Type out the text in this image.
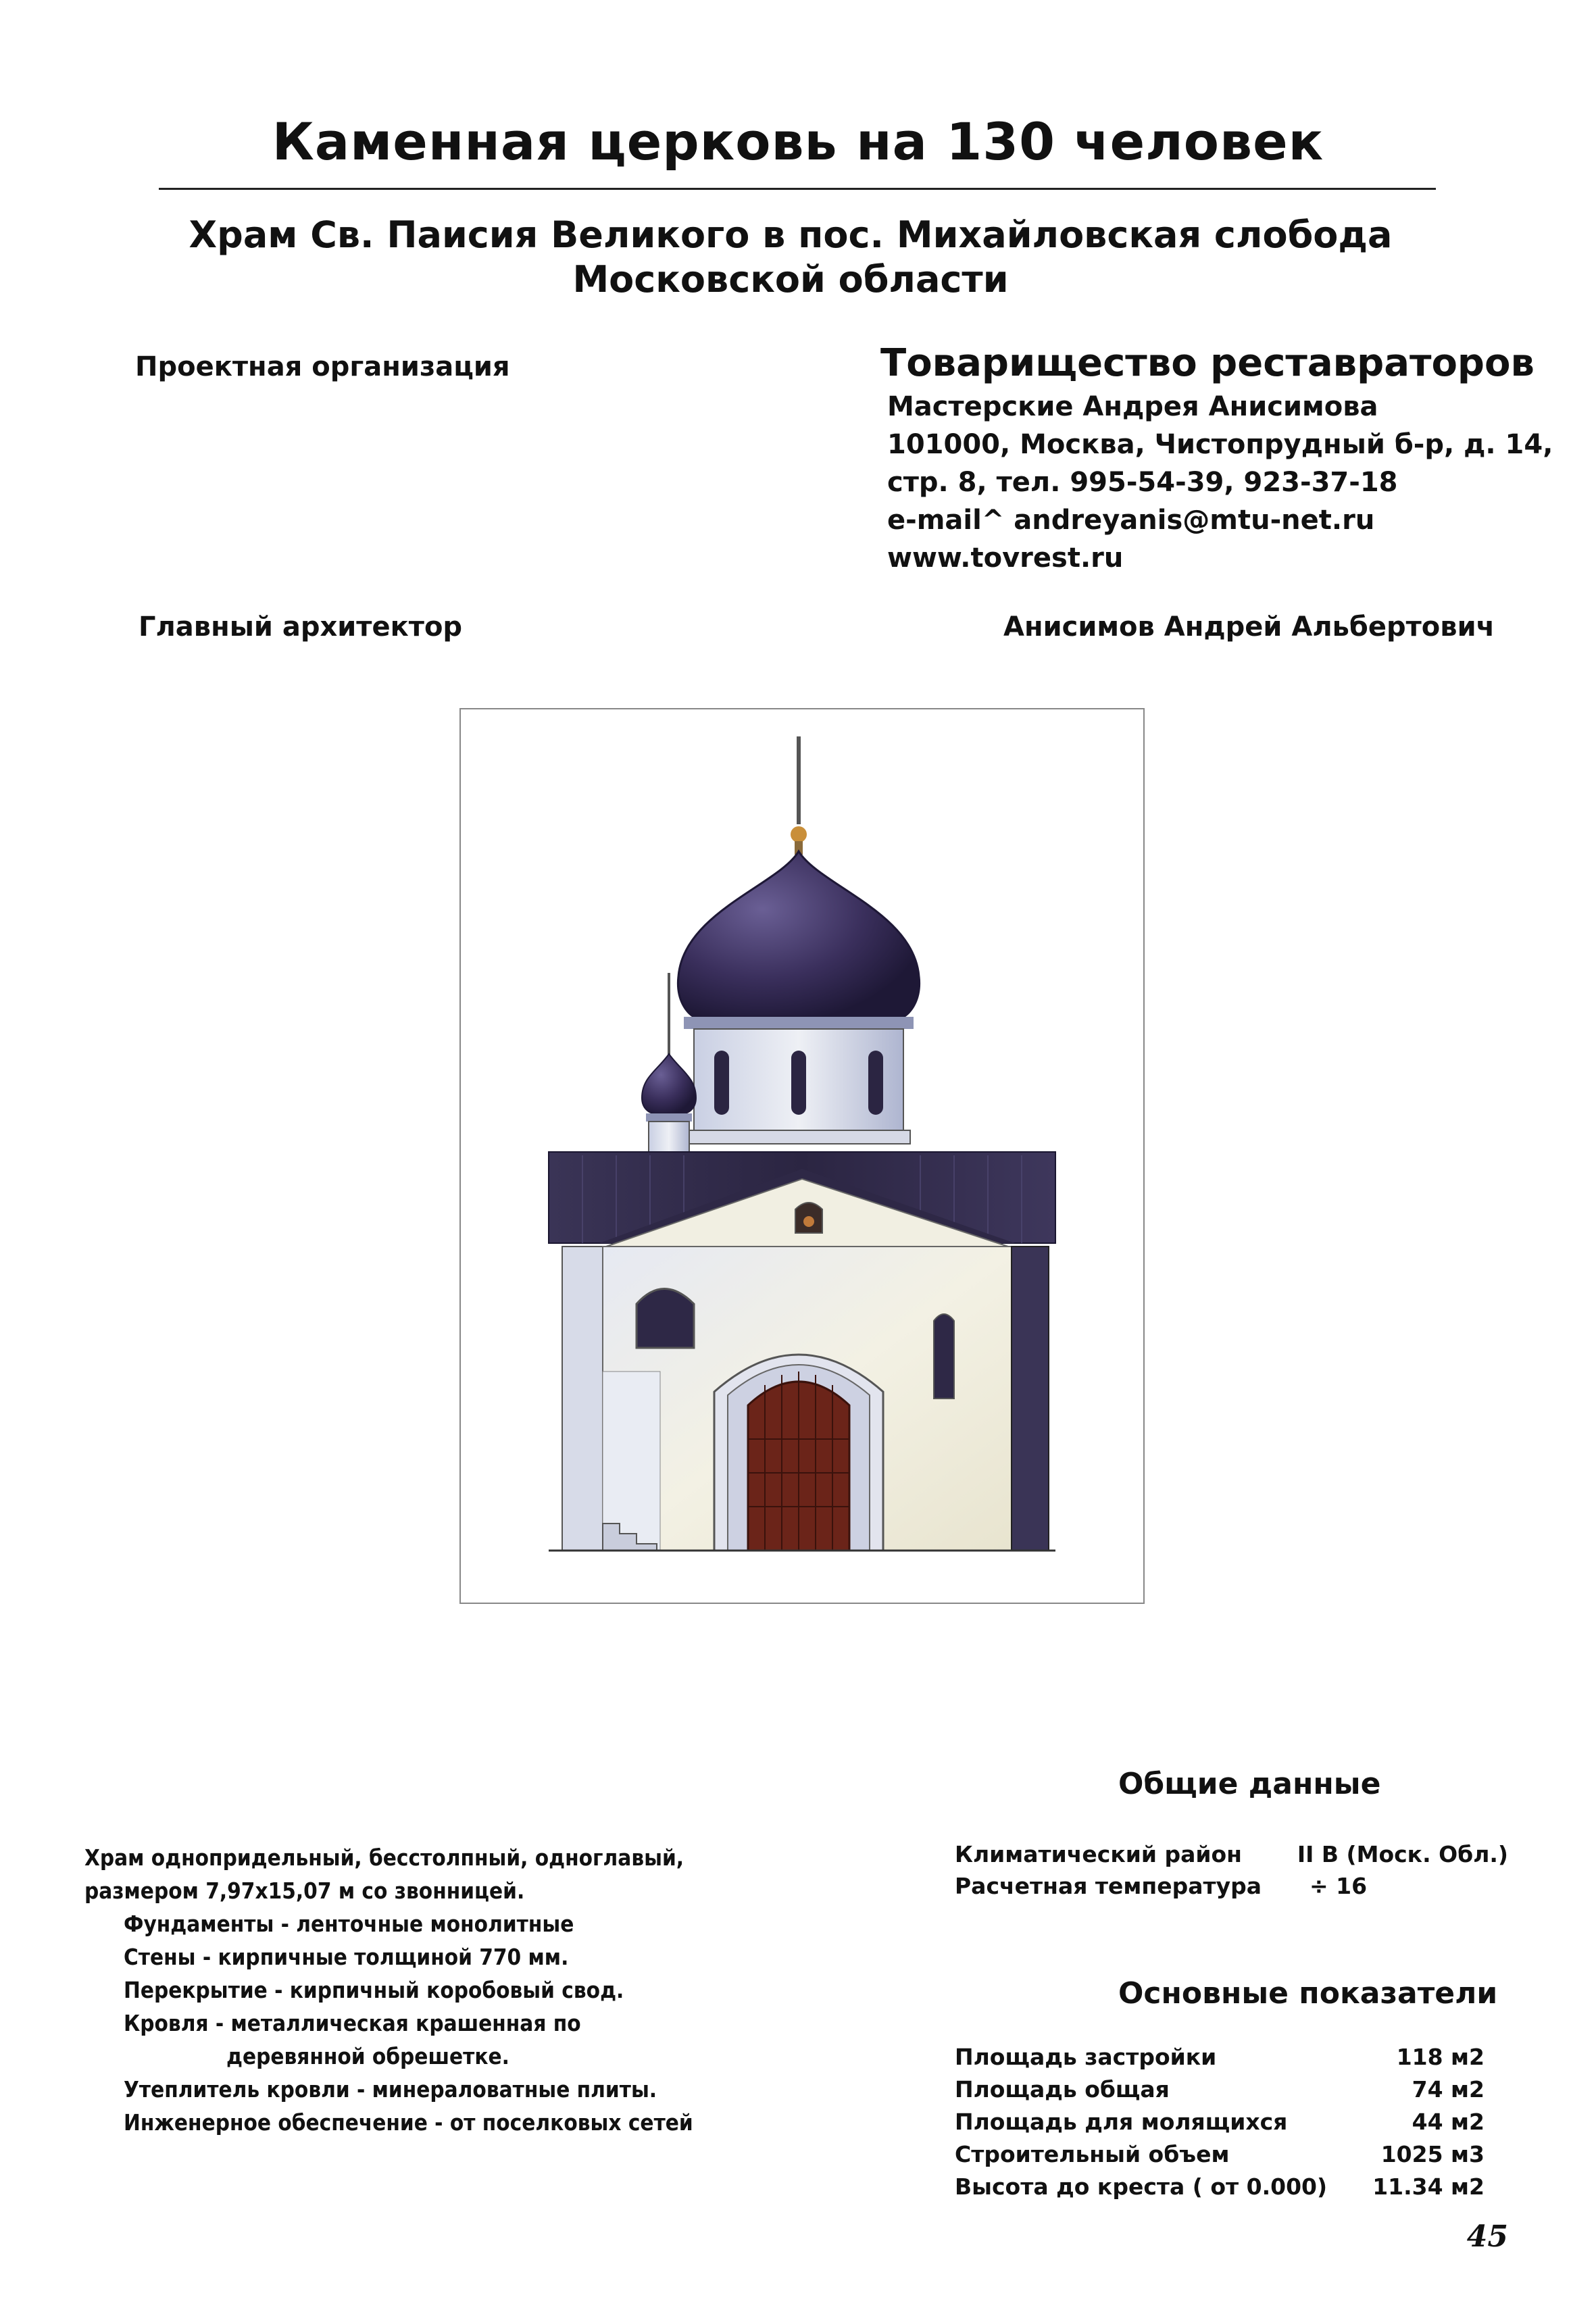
Каменная церковь на 130 человек
Храм Св. Паисия Великого в пос. Михайловская слобода
Московской области
Проектная организация	Товарищество реставраторов
Мастерские Андрея Анисимова
101000, Москва, Чистопрудный б-р, д. 14,
стр. 8, тел. 995-54-39, 923-37-18
e-mail^ andreyanis@mtu-net.ru
www.tovrest.ru
Главный архитектор	Анисимов Андрей Альбертович
Храм однопридельный, бесстолпный, одноглавый,
размером 7,97х15,07 м со звонницей.
Фундаменты - ленточные монолитные
Стены - кирпичные толщиной 770 мм.
Перекрытие - кирпичный коробовый свод.
Кровля - металлическая крашенная по
деревянной обрешетке.
Утеплитель кровли - минераловатные плиты.
Инженерное обеспечение - от поселковых сетей
Общие данные
Климатический район II В (Моск. Обл.)
Расчетная температура ÷ 16
Основные показатели
Площадь застройки	118 м2
Площадь общая	74 м2
Площадь для молящихся	44 м2
Строительный объем	1025 м3
Высота до креста ( от 0.000) 11.34 м2
45
